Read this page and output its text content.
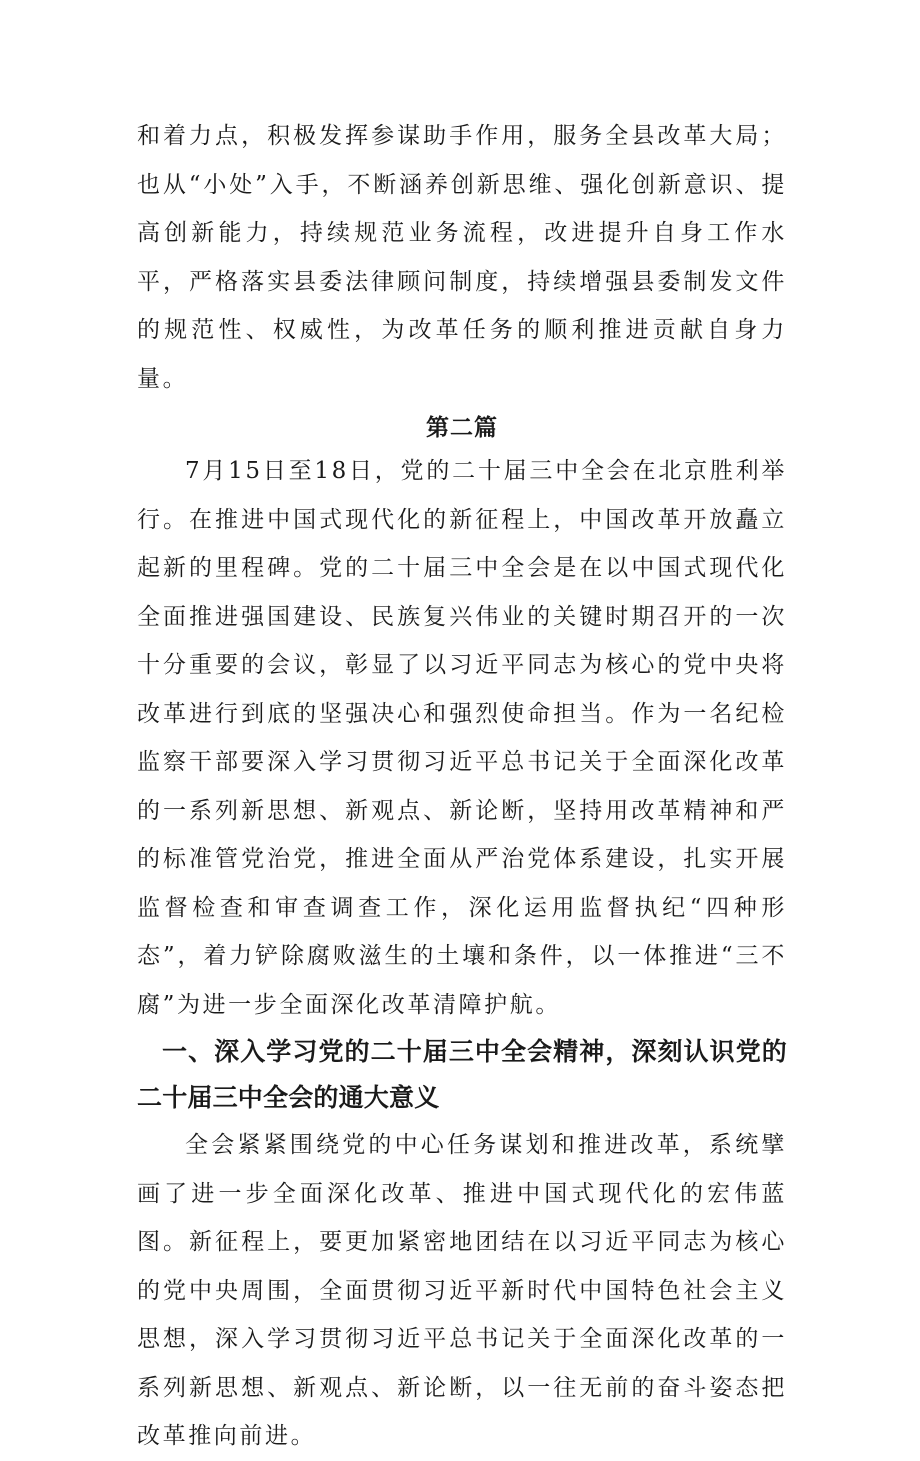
和着力点，积极发挥参谋助手作用，服务全县改革大局；也从“小处”入手，不断涵养创新思维、强化创新意识、提高创新能力，持续规范业务流程，改进提升自身工作水平，严格落实县委法律顾问制度，持续增强县委制发文件的规范性、权威性，为改革任务的顺利推进贡献自身力量。

第二篇

7月15日至18日，党的二十届三中全会在北京胜利举行。在推进中国式现代化的新征程上，中国改革开放矗立起新的里程碑。党的二十届三中全会是在以中国式现代化全面推进强国建设、民族复兴伟业的关键时期召开的一次十分重要的会议，彰显了以习近平同志为核心的党中央将改革进行到底的坚强决心和强烈使命担当。作为一名纪检监察干部要深入学习贯彻习近平总书记关于全面深化改革的一系列新思想、新观点、新论断，坚持用改革精神和严的标准管党治党，推进全面从严治党体系建设，扎实开展监督检查和审查调查工作，深化运用监督执纪“四种形态”，着力铲除腐败滋生的土壤和条件，以一体推进“三不腐”为进一步全面深化改革清障护航。

一、深入学习党的二十届三中全会精神，深刻认识党的二十届三中全会的通大意义

全会紧紧围绕党的中心任务谋划和推进改革，系统擘画了进一步全面深化改革、推进中国式现代化的宏伟蓝图。新征程上，要更加紧密地团结在以习近平同志为核心的党中央周围，全面贯彻习近平新时代中国特色社会主义思想，深入学习贯彻习近平总书记关于全面深化改革的一系列新思想、新观点、新论断，以一往无前的奋斗姿态把改革推向前进。
